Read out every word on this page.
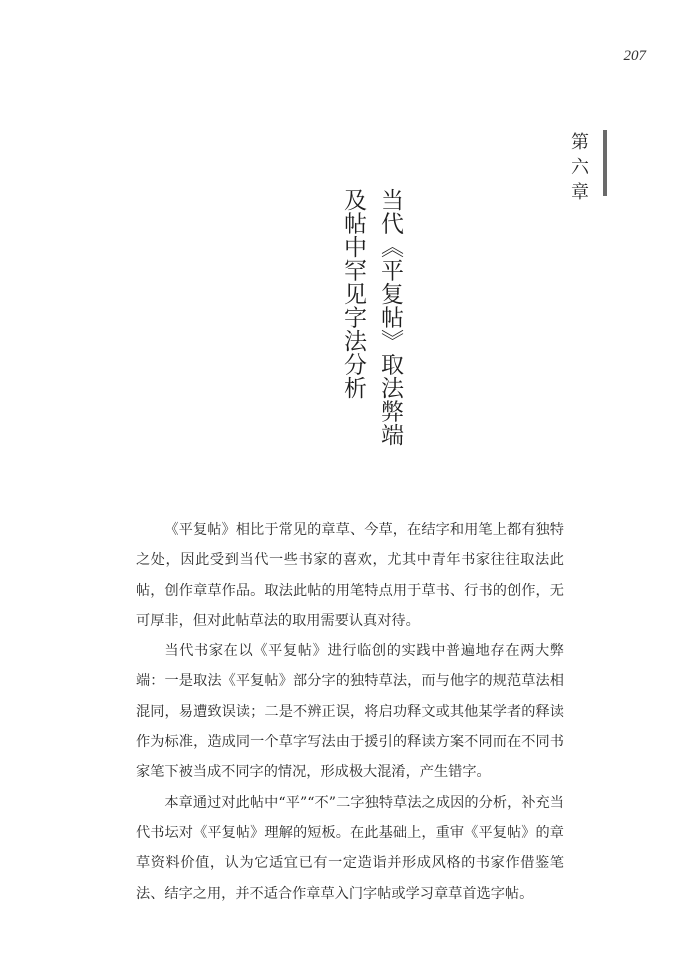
207
第六章
当代《平复帖》取法弊端
及帖中罕见字法分析

《平复帖》相比于常见的章草、今草，在结字和用笔上都有独特之处，因此受到当代一些书家的喜欢，尤其中青年书家往往取法此帖，创作章草作品。取法此帖的用笔特点用于草书、行书的创作，无可厚非，但对此帖草法的取用需要认真对待。

当代书家在以《平复帖》进行临创的实践中普遍地存在两大弊端：一是取法《平复帖》部分字的独特草法，而与他字的规范草法相混同，易遭致误读；二是不辨正误，将启功释文或其他某学者的释读作为标准，造成同一个草字写法由于援引的释读方案不同而在不同书家笔下被当成不同字的情况，形成极大混淆，产生错字。

本章通过对此帖中“平”“不”二字独特草法之成因的分析，补充当代书坛对《平复帖》理解的短板。在此基础上，重审《平复帖》的章草资料价值，认为它适宜已有一定造诣并形成风格的书家作借鉴笔法、结字之用，并不适合作章草入门字帖或学习章草首选字帖。
